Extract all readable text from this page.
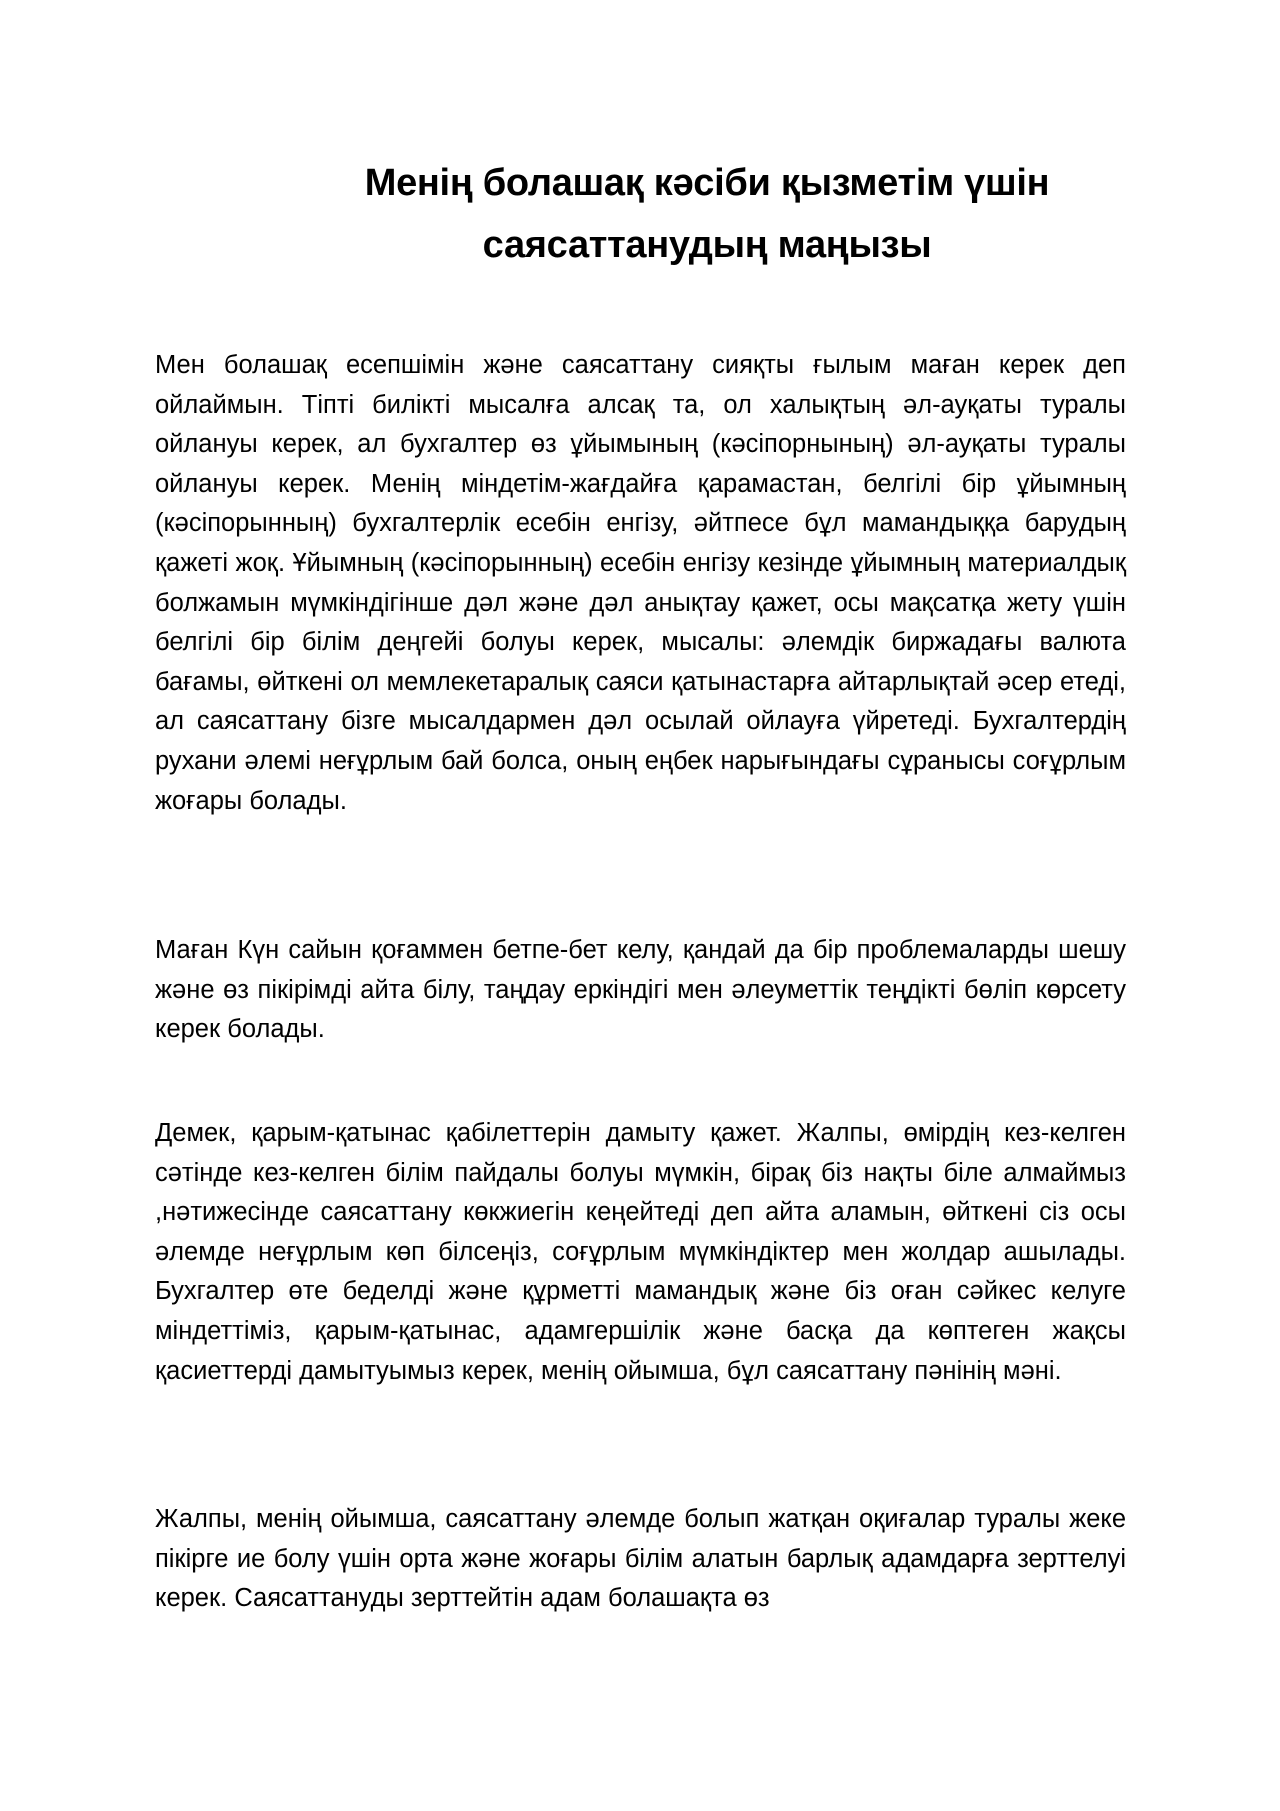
Менің болашақ кәсіби қызметім үшін
саясаттанудың маңызы

Мен болашақ есепшімін және саясаттану сияқты ғылым маған керек деп ойлаймын. Тіпті билікті мысалға алсақ та, ол халықтың әл-ауқаты туралы ойлануы керек, ал бухгалтер өз ұйымының (кәсіпорнының) әл-ауқаты туралы ойлануы керек. Менің міндетім-жағдайға қарамастан, белгілі бір ұйымның (кәсіпорынның) бухгалтерлік есебін енгізу, әйтпесе бұл мамандыққа барудың қажеті жоқ. Ұйымның (кәсіпорынның) есебін енгізу кезінде ұйымның материалдық болжамын мүмкіндігінше дәл және дәл анықтау қажет, осы мақсатқа жету үшін белгілі бір білім деңгейі болуы керек, мысалы: әлемдік биржадағы валюта бағамы, өйткені ол мемлекетаралық саяси қатынастарға айтарлықтай әсер етеді, ал саясаттану бізге мысалдармен дәл осылай ойлауға үйретеді. Бухгалтердің рухани әлемі неғұрлым бай болса, оның еңбек нарығындағы сұранысы соғұрлым жоғары болады.

Маған Күн сайын қоғаммен бетпе-бет келу, қандай да бір проблемаларды шешу және өз пікірімді айта білу, таңдау еркіндігі мен әлеуметтік теңдікті бөліп көрсету керек болады.

Демек, қарым-қатынас қабілеттерін дамыту қажет. Жалпы, өмірдің кез-келген сәтінде кез-келген білім пайдалы болуы мүмкін, бірақ біз нақты біле алмаймыз ,нәтижесінде саясаттану көкжиегін кеңейтеді деп айта аламын, өйткені сіз осы әлемде неғұрлым көп білсеңіз, соғұрлым мүмкіндіктер мен жолдар ашылады. Бухгалтер өте беделді және құрметті мамандық және біз оған сәйкес келуге міндеттіміз, қарым-қатынас, адамгершілік және басқа да көптеген жақсы қасиеттерді дамытуымыз керек, менің ойымша, бұл саясаттану пәнінің мәні.

Жалпы, менің ойымша, саясаттану әлемде болып жатқан оқиғалар туралы жеке пікірге ие болу үшін орта және жоғары білім алатын барлық адамдарға зерттелуі керек. Саясаттануды зерттейтін адам болашақта өз
